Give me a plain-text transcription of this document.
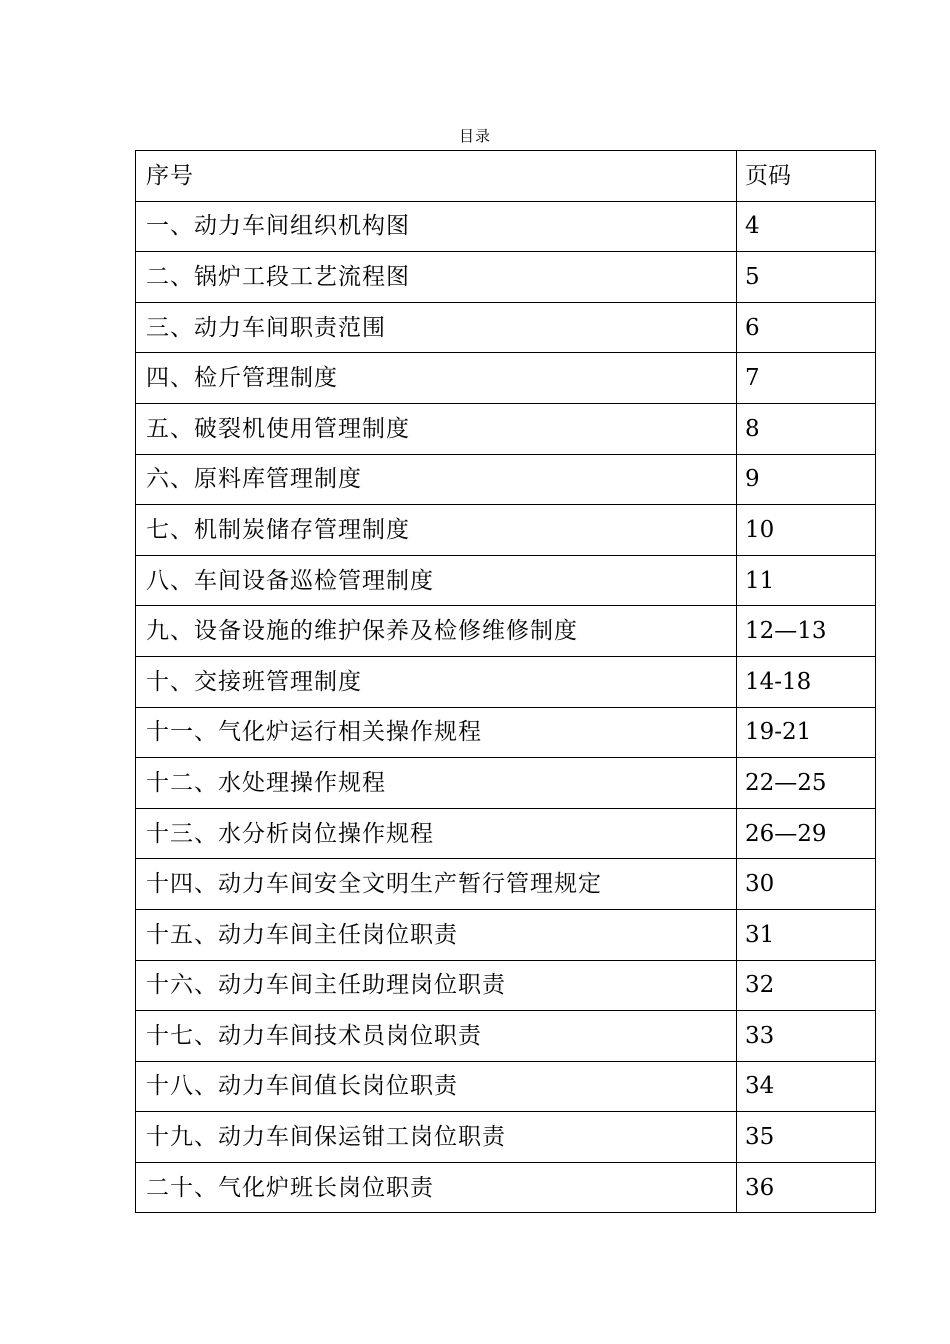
目录
序号	页码
一、动力车间组织机构图	4
二、锅炉工段工艺流程图	5
三、动力车间职责范围	6
四、检斤管理制度	7
五、破裂机使用管理制度	8
六、原料库管理制度	9
七、机制炭储存管理制度	10
八、车间设备巡检管理制度	11
九、设备设施的维护保养及检修维修制度	12—13
十、交接班管理制度	14-18
十一、气化炉运行相关操作规程	19-21
十二、水处理操作规程	22—25
十三、水分析岗位操作规程	26—29
十四、动力车间安全文明生产暂行管理规定	30
十五、动力车间主任岗位职责	31
十六、动力车间主任助理岗位职责	32
十七、动力车间技术员岗位职责	33
十八、动力车间值长岗位职责	34
十九、动力车间保运钳工岗位职责	35
二十、气化炉班长岗位职责	36
